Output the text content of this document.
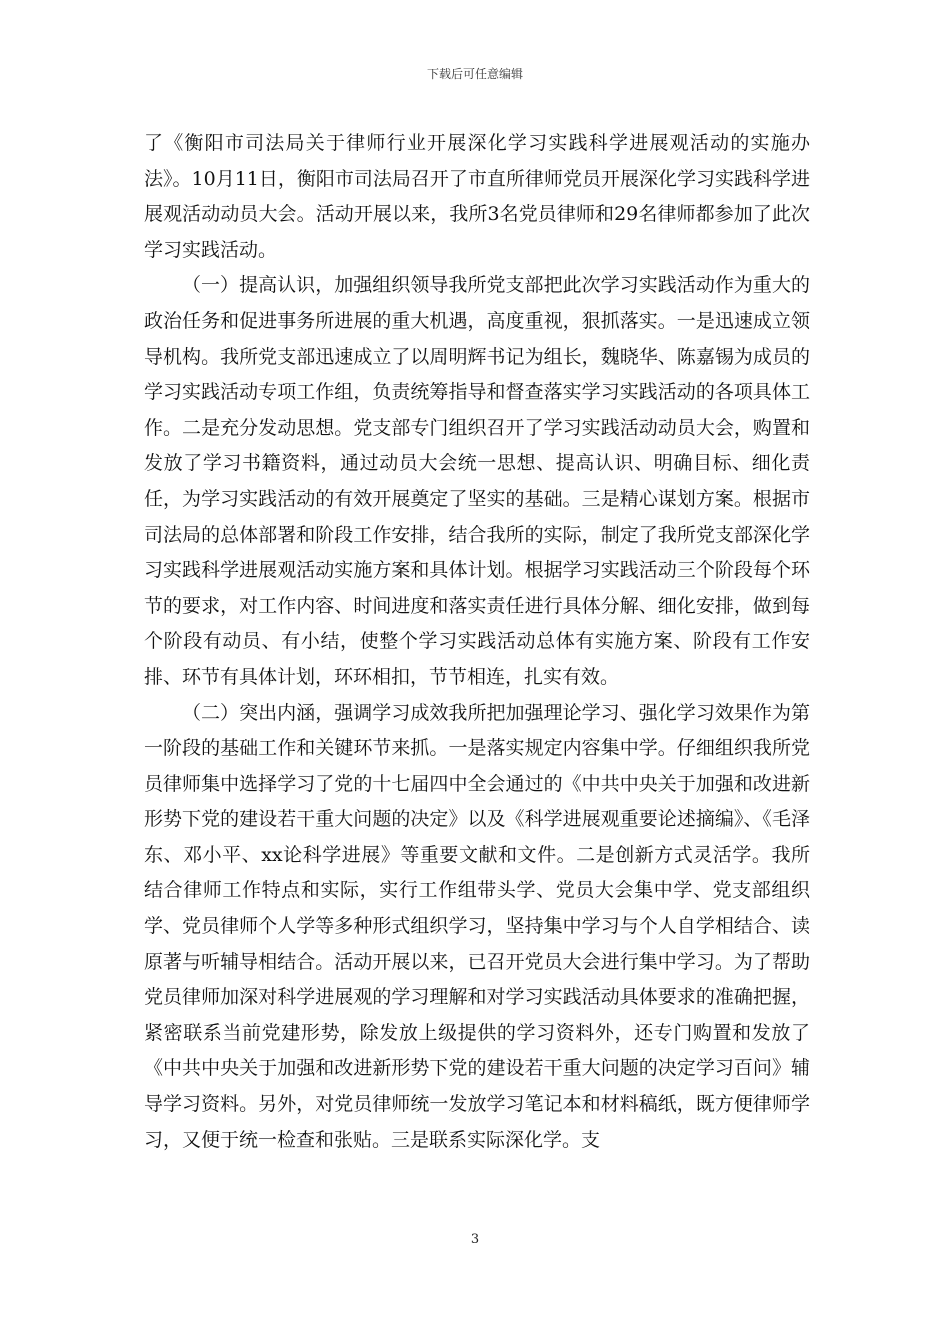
下载后可任意编辑

了《衡阳市司法局关于律师行业开展深化学习实践科学进展观活动的实施办法》。10月11日，衡阳市司法局召开了市直所律师党员开展深化学习实践科学进展观活动动员大会。活动开展以来，我所3名党员律师和29名律师都参加了此次学习实践活动。

（一）提高认识，加强组织领导我所党支部把此次学习实践活动作为重大的政治任务和促进事务所进展的重大机遇，高度重视，狠抓落实。一是迅速成立领导机构。我所党支部迅速成立了以周明辉书记为组长，魏晓华、陈嘉锡为成员的学习实践活动专项工作组，负责统筹指导和督查落实学习实践活动的各项具体工作。二是充分发动思想。党支部专门组织召开了学习实践活动动员大会，购置和发放了学习书籍资料，通过动员大会统一思想、提高认识、明确目标、细化责任，为学习实践活动的有效开展奠定了坚实的基础。三是精心谋划方案。根据市司法局的总体部署和阶段工作安排，结合我所的实际，制定了我所党支部深化学习实践科学进展观活动实施方案和具体计划。根据学习实践活动三个阶段每个环节的要求，对工作内容、时间进度和落实责任进行具体分解、细化安排，做到每个阶段有动员、有小结，使整个学习实践活动总体有实施方案、阶段有工作安排、环节有具体计划，环环相扣，节节相连，扎实有效。

（二）突出内涵，强调学习成效我所把加强理论学习、强化学习效果作为第一阶段的基础工作和关键环节来抓。一是落实规定内容集中学。仔细组织我所党员律师集中选择学习了党的十七届四中全会通过的《中共中央关于加强和改进新形势下党的建设若干重大问题的决定》以及《科学进展观重要论述摘编》、《毛泽东、邓小平、xx论科学进展》等重要文献和文件。二是创新方式灵活学。我所结合律师工作特点和实际，实行工作组带头学、党员大会集中学、党支部组织学、党员律师个人学等多种形式组织学习，坚持集中学习与个人自学相结合、读原著与听辅导相结合。活动开展以来，已召开党员大会进行集中学习。为了帮助党员律师加深对科学进展观的学习理解和对学习实践活动具体要求的准确把握，紧密联系当前党建形势，除发放上级提供的学习资料外，还专门购置和发放了《中共中央关于加强和改进新形势下党的建设若干重大问题的决定学习百问》辅导学习资料。另外，对党员律师统一发放学习笔记本和材料稿纸，既方便律师学习，又便于统一检查和张贴。三是联系实际深化学。支

3
